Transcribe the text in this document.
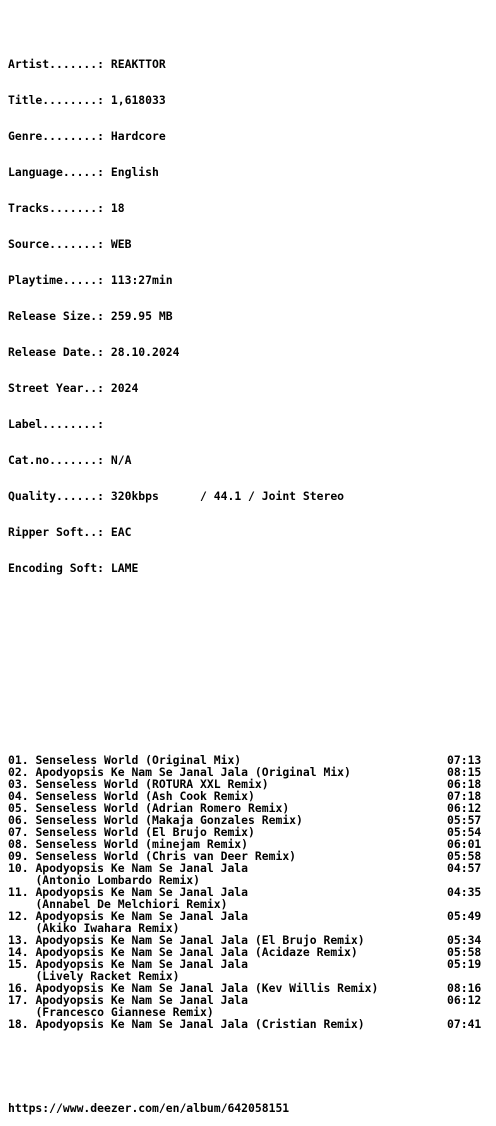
Artist.......: REAKTTOR

Title........: 1,618033

Genre........: Hardcore

Language.....: English

Tracks.......: 18

Source.......: WEB

Playtime.....: 113:27min

Release Size.: 259.95 MB

Release Date.: 28.10.2024

Street Year..: 2024

Label........:

Cat.no.......: N/A

Quality......: 320kbps      / 44.1 / Joint Stereo

Ripper Soft..: EAC

Encoding Soft: LAME

01. Senseless World (Original Mix)	07:13
02. Apodyopsis Ke Nam Se Janal Jala (Original Mix)	08:15
03. Senseless World (ROTURA XXL Remix)	06:18
04. Senseless World (Ash Cook Remix)	07:18
05. Senseless World (Adrian Romero Remix)	06:12
06. Senseless World (Makaja Gonzales Remix)	05:57
07. Senseless World (El Brujo Remix)	05:54
08. Senseless World (minejam Remix)	06:01
09. Senseless World (Chris van Deer Remix)	05:58
10. Apodyopsis Ke Nam Se Janal Jala	04:57
(Antonio Lombardo Remix)
11. Apodyopsis Ke Nam Se Janal Jala	04:35
(Annabel De Melchiori Remix)
12. Apodyopsis Ke Nam Se Janal Jala	05:49
(Akiko Iwahara Remix)
13. Apodyopsis Ke Nam Se Janal Jala (El Brujo Remix)	05:34
14. Apodyopsis Ke Nam Se Janal Jala (Acidaze Remix)	05:58
15. Apodyopsis Ke Nam Se Janal Jala	05:19
(Lively Racket Remix)
16. Apodyopsis Ke Nam Se Janal Jala (Kev Willis Remix)	08:16
17. Apodyopsis Ke Nam Se Janal Jala	06:12
(Francesco Giannese Remix)
18. Apodyopsis Ke Nam Se Janal Jala (Cristian Remix)	07:41

https://www.deezer.com/en/album/642058151
